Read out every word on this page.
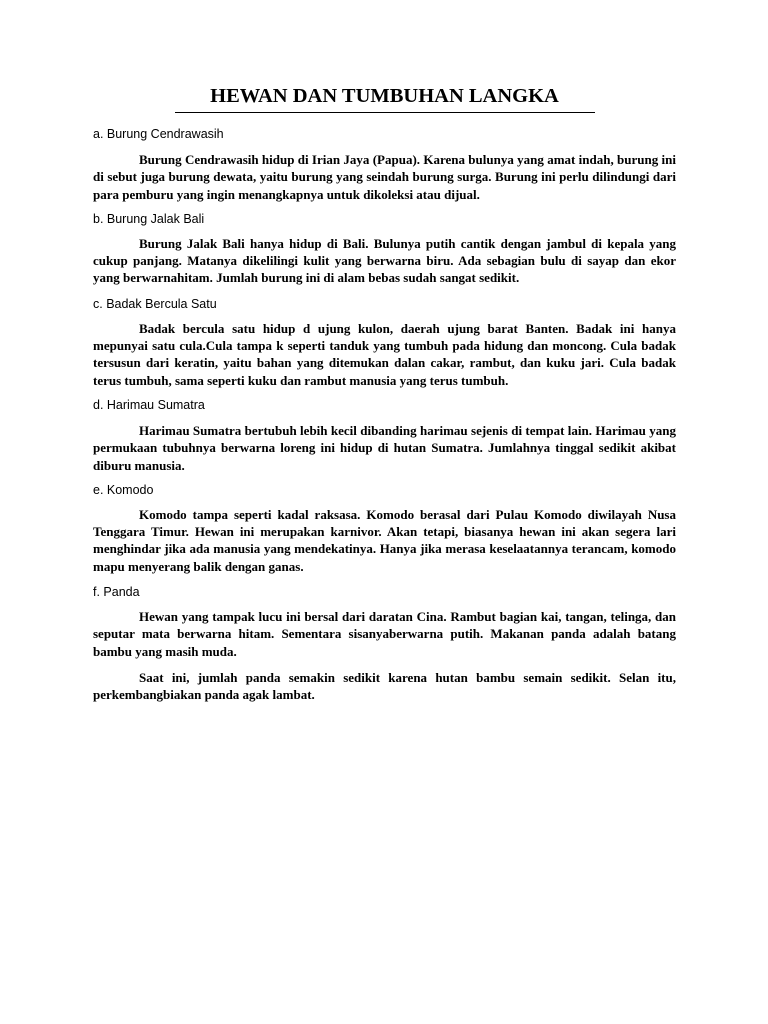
HEWAN DAN TUMBUHAN LANGKA

a. Burung Cendrawasih

Burung Cendrawasih hidup di Irian Jaya (Papua). Karena bulunya yang amat indah, burung ini di sebut juga burung dewata, yaitu burung yang seindah burung surga. Burung ini perlu dilindungi dari para pemburu yang ingin menangkapnya untuk dikoleksi atau dijual.

b. Burung Jalak Bali

Burung Jalak Bali hanya hidup di Bali. Bulunya putih cantik dengan jambul di kepala yang cukup panjang. Matanya dikelilingi kulit yang berwarna biru. Ada sebagian bulu di sayap dan ekor yang berwarnahitam. Jumlah burung ini di alam bebas sudah sangat sedikit.

c. Badak Bercula Satu

Badak bercula satu hidup d ujung kulon, daerah ujung barat Banten. Badak ini hanya mepunyai satu cula.Cula tampa k seperti tanduk yang tumbuh pada hidung dan moncong. Cula badak tersusun dari keratin, yaitu bahan yang ditemukan dalan cakar, rambut, dan kuku jari. Cula badak terus tumbuh, sama seperti kuku dan rambut manusia yang terus tumbuh.

d. Harimau Sumatra

Harimau Sumatra bertubuh lebih kecil dibanding harimau sejenis di tempat lain. Harimau yang permukaan tubuhnya berwarna loreng ini hidup di hutan Sumatra. Jumlahnya tinggal sedikit akibat diburu manusia.

e. Komodo

Komodo tampa seperti kadal raksasa. Komodo berasal dari Pulau Komodo diwilayah Nusa Tenggara Timur. Hewan ini merupakan karnivor. Akan tetapi, biasanya hewan ini akan segera lari menghindar jika ada manusia yang mendekatinya. Hanya jika merasa keselaatannya terancam, komodo mapu menyerang balik dengan ganas.

f. Panda

Hewan yang tampak lucu ini bersal dari daratan Cina. Rambut bagian kai, tangan, telinga, dan seputar mata berwarna hitam. Sementara sisanyaberwarna putih. Makanan panda adalah batang bambu yang masih muda.

Saat ini, jumlah panda semakin sedikit karena hutan bambu semain sedikit. Selan itu, perkembangbiakan panda agak lambat.
